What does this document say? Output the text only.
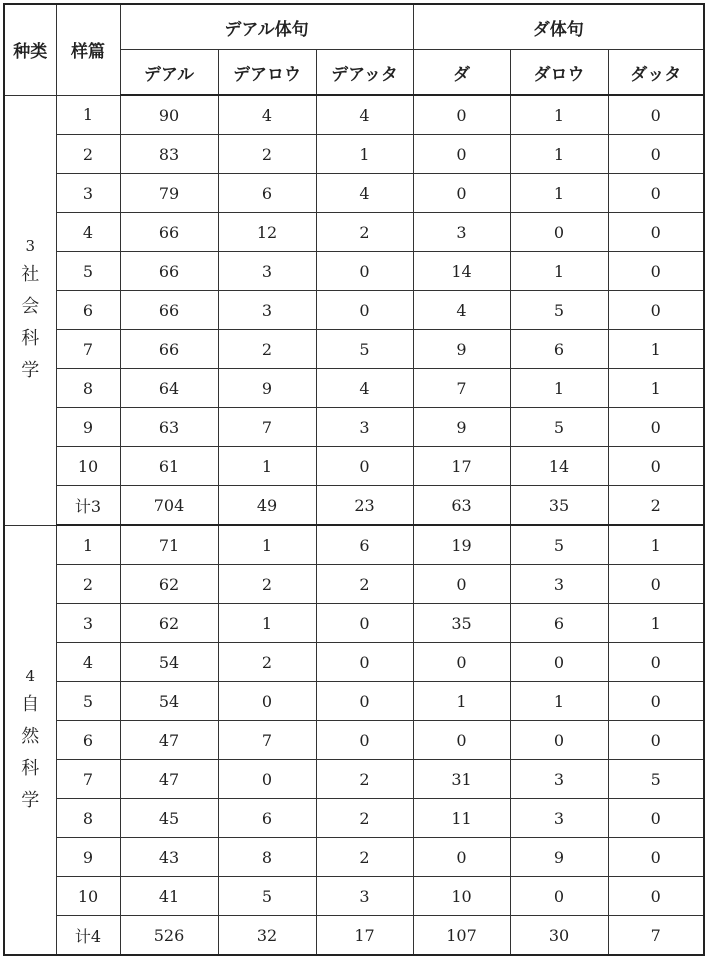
种类	样篇	デアル体句			ダ体句		
		デアル	デアロウ	デアッタ	ダ	ダロウ	ダッタ

3
社
会
科
学	1	90	4	4	0	1	0
	2	83	2	1	0	1	0
	3	79	6	4	0	1	0
	4	66	12	2	3	0	0
	5	66	3	0	14	1	0
	6	66	3	0	4	5	0
	7	66	2	5	9	6	1
	8	64	9	4	7	1	1
	9	63	7	3	9	5	0
	10	61	1	0	17	14	0
	计3	704	49	23	63	35	2

4
自
然
科
学	1	71	1	6	19	5	1
	2	62	2	2	0	3	0
	3	62	1	0	35	6	1
	4	54	2	0	0	0	0
	5	54	0	0	1	1	0
	6	47	7	0	0	0	0
	7	47	0	2	31	3	5
	8	45	6	2	11	3	0
	9	43	8	2	0	9	0
	10	41	5	3	10	0	0
	计4	526	32	17	107	30	7
